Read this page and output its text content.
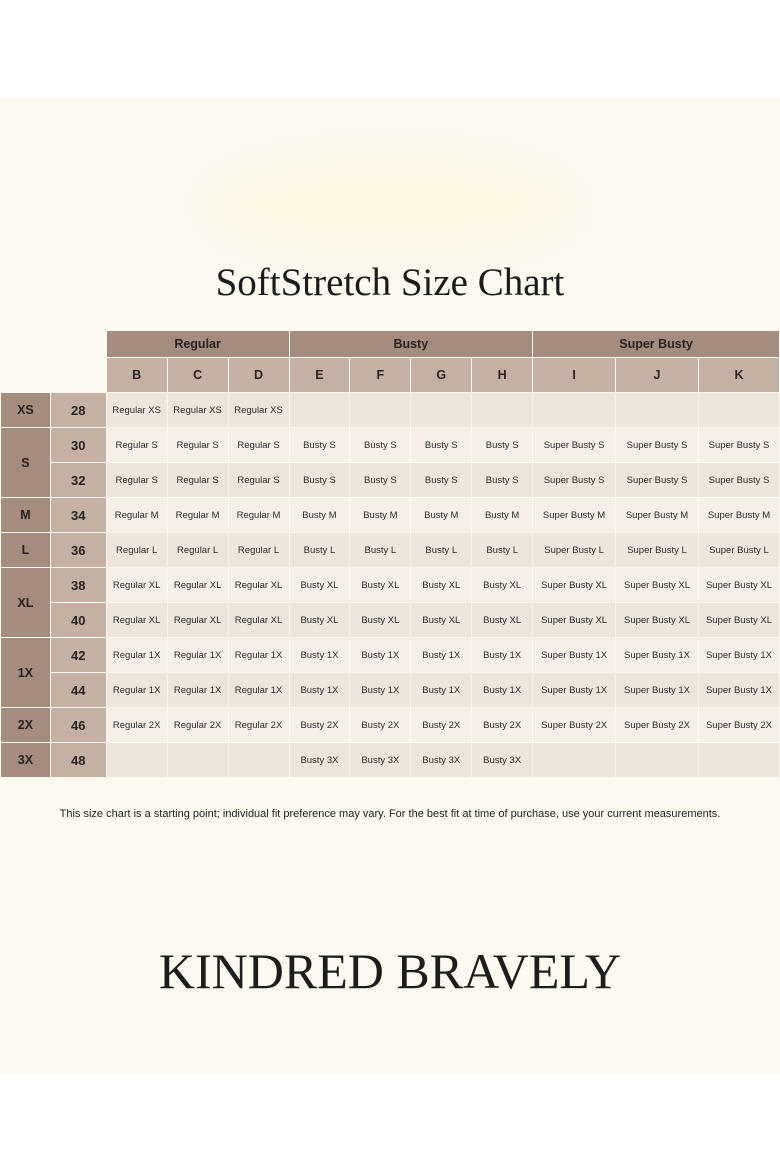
SoftStretch Size Chart
		Regular			Busty				Super Busty		
		B	C	D	E	F	G	H	I	J	K
XS	28	Regular XS	Regular XS	Regular XS							
S	30	Regular S	Regular S	Regular S	Busty S	Busty S	Busty S	Busty S	Super Busty S	Super Busty S	Super Busty S
	32	Regular S	Regular S	Regular S	Busty S	Busty S	Busty S	Busty S	Super Busty S	Super Busty S	Super Busty S
M	34	Regular M	Regular M	Regular M	Busty M	Busty M	Busty M	Busty M	Super Busty M	Super Busty M	Super Busty M
L	36	Regular L	Regular L	Regular L	Busty L	Busty L	Busty L	Busty L	Super Busty L	Super Busty L	Super Busty L
XL	38	Regular XL	Regular XL	Regular XL	Busty XL	Busty XL	Busty XL	Busty XL	Super Busty XL	Super Busty XL	Super Busty XL
	40	Regular XL	Regular XL	Regular XL	Busty XL	Busty XL	Busty XL	Busty XL	Super Busty XL	Super Busty XL	Super Busty XL
1X	42	Regular 1X	Regular 1X	Regular 1X	Busty 1X	Busty 1X	Busty 1X	Busty 1X	Super Busty 1X	Super Busty 1X	Super Busty 1X
	44	Regular 1X	Regular 1X	Regular 1X	Busty 1X	Busty 1X	Busty 1X	Busty 1X	Super Busty 1X	Super Busty 1X	Super Busty 1X
2X	46	Regular 2X	Regular 2X	Regular 2X	Busty 2X	Busty 2X	Busty 2X	Busty 2X	Super Busty 2X	Super Busty 2X	Super Busty 2X
3X	48				Busty 3X	Busty 3X	Busty 3X	Busty 3X			
This size chart is a starting point; individual fit preference may vary. For the best fit at time of purchase, use your current measurements.
KINDRED BRAVELY
